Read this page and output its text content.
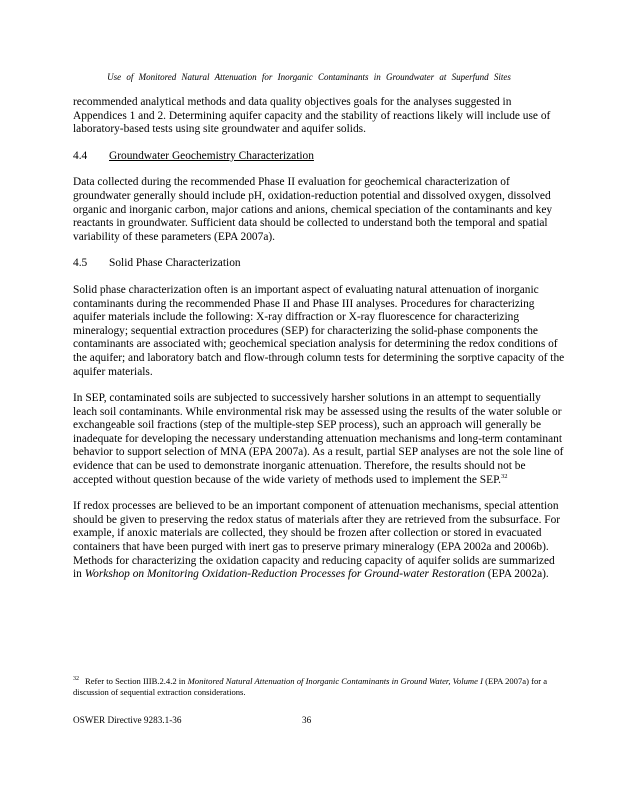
Use of Monitored Natural Attenuation for Inorganic Contaminants in Groundwater at Superfund Sites

recommended analytical methods and data quality objectives goals for the analyses suggested in Appendices 1 and 2. Determining aquifer capacity and the stability of reactions likely will include use of laboratory-based tests using site groundwater and aquifer solids.

4.4	Groundwater Geochemistry Characterization

Data collected during the recommended Phase II evaluation for geochemical characterization of groundwater generally should include pH, oxidation-reduction potential and dissolved oxygen, dissolved organic and inorganic carbon, major cations and anions, chemical speciation of the contaminants and key reactants in groundwater. Sufficient data should be collected to understand both the temporal and spatial variability of these parameters (EPA 2007a).

4.5	Solid Phase Characterization

Solid phase characterization often is an important aspect of evaluating natural attenuation of inorganic contaminants during the recommended Phase II and Phase III analyses. Procedures for characterizing aquifer materials include the following: X-ray diffraction or X-ray fluorescence for characterizing mineralogy; sequential extraction procedures (SEP) for characterizing the solid-phase components the contaminants are associated with; geochemical speciation analysis for determining the redox conditions of the aquifer; and laboratory batch and flow-through column tests for determining the sorptive capacity of the aquifer materials.

In SEP, contaminated soils are subjected to successively harsher solutions in an attempt to sequentially leach soil contaminants. While environmental risk may be assessed using the results of the water soluble or exchangeable soil fractions (step of the multiple-step SEP process), such an approach will generally be inadequate for developing the necessary understanding attenuation mechanisms and long-term contaminant behavior to support selection of MNA (EPA 2007a). As a result, partial SEP analyses are not the sole line of evidence that can be used to demonstrate inorganic attenuation. Therefore, the results should not be accepted without question because of the wide variety of methods used to implement the SEP.$^{32}$

If redox processes are believed to be an important component of attenuation mechanisms, special attention should be given to preserving the redox status of materials after they are retrieved from the subsurface. For example, if anoxic materials are collected, they should be frozen after collection or stored in evacuated containers that have been purged with inert gas to preserve primary mineralogy (EPA 2002a and 2006b). Methods for characterizing the oxidation capacity and reducing capacity of aquifer solids are summarized in Workshop on Monitoring Oxidation-Reduction Processes for Ground-water Restoration (EPA 2002a).

$^{32}$ Refer to Section IIIB.2.4.2 in Monitored Natural Attenuation of Inorganic Contaminants in Ground Water, Volume I (EPA 2007a) for a discussion of sequential extraction considerations.
OSWER Directive 9283.1-36	36
